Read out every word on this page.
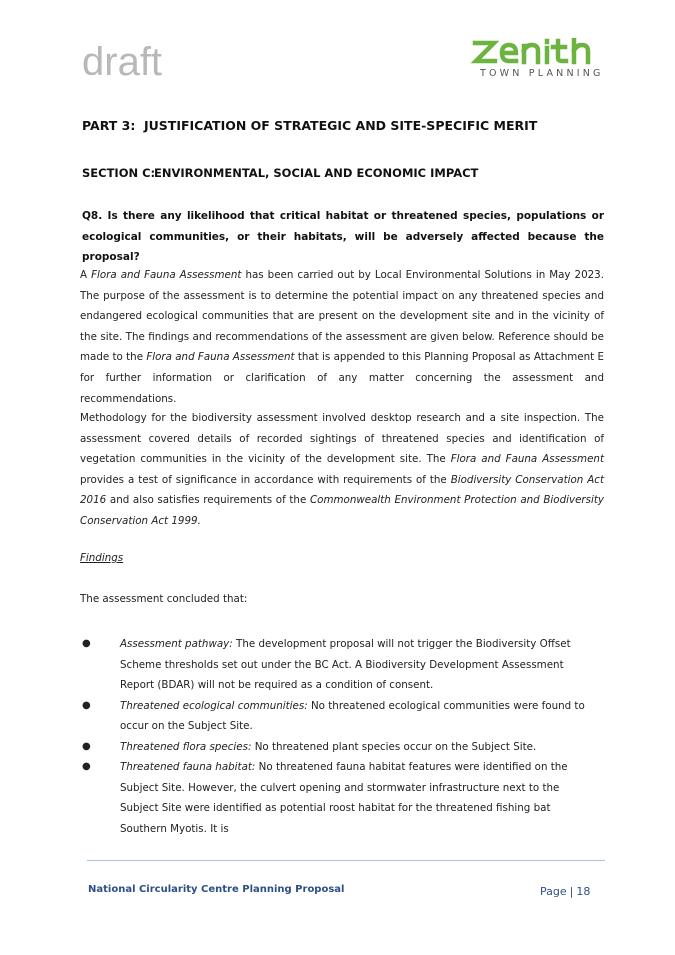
draft	TOWN PLANNING
PART 3: JUSTIFICATION OF STRATEGIC AND SITE-SPECIFIC MERIT
SECTION C:ENVIRONMENTAL, SOCIAL AND ECONOMIC IMPACT
Q8. Is there any likelihood that critical habitat or threatened species, populations or ecological communities, or their habitats, will be adversely affected because the proposal?

A Flora and Fauna Assessment has been carried out by Local Environmental Solutions in May 2023. The purpose of the assessment is to determine the potential impact on any threatened species and endangered ecological communities that are present on the development site and in the vicinity of the site. The findings and recommendations of the assessment are given below. Reference should be made to the Flora and Fauna Assessment that is appended to this Planning Proposal as Attachment E for further information or clarification of any matter concerning the assessment and recommendations.

Methodology for the biodiversity assessment involved desktop research and a site inspection. The assessment covered details of recorded sightings of threatened species and identification of vegetation communities in the vicinity of the development site. The Flora and Fauna Assessment provides a test of significance in accordance with requirements of the Biodiversity Conservation Act 2016 and also satisfies requirements of the Commonwealth Environment Protection and Biodiversity Conservation Act 1999.

Findings
The assessment concluded that:
●	Assessment pathway: The development proposal will not trigger the Biodiversity Offset Scheme thresholds set out under the BC Act. A Biodiversity Development Assessment Report (BDAR) will not be required as a condition of consent.
●	Threatened ecological communities: No threatened ecological communities were found to occur on the Subject Site.
●	Threatened flora species: No threatened plant species occur on the Subject Site.
●	Threatened fauna habitat: No threatened fauna habitat features were identified on the Subject Site. However, the culvert opening and stormwater infrastructure next to the Subject Site were identified as potential roost habitat for the threatened fishing bat Southern Myotis. It is
National Circularity Centre Planning Proposal	Page | 18
